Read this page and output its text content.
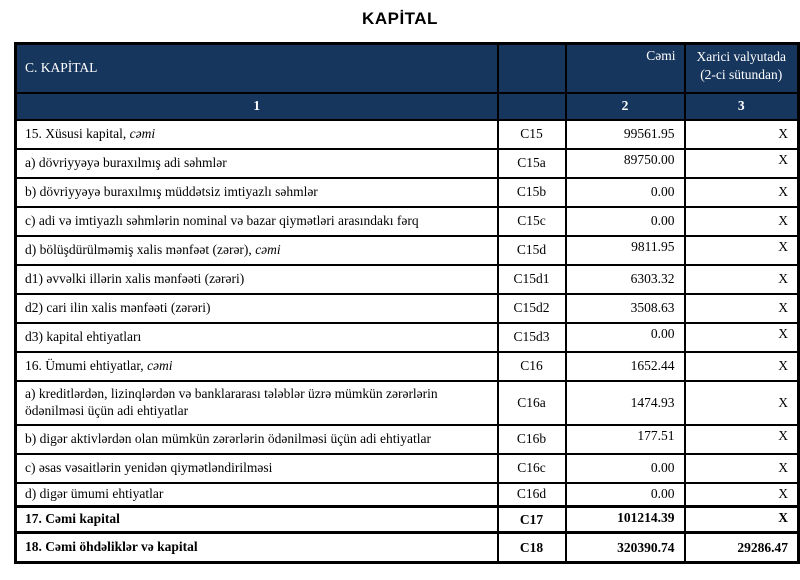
KAPİTAL
C. KAPİTAL		Cəmi	Xarici valyutada
(2-ci sütundan)

1		2	3
15. Xüsusi kapital, cəmi	C15	99561.95	X
a) dövriyyəyə buraxılmış adi səhmlər	C15a	89750.00	X
b) dövriyyəyə buraxılmış müddətsiz imtiyazlı səhmlər	C15b	0.00	X
c) adi və imtiyazlı səhmlərin nominal və bazar qiymətləri arasındakı fərq	C15c	0.00	X
d) bölüşdürülməmiş xalis mənfəət (zərər), cəmi	C15d	9811.95	X
d1) əvvəlki illərin xalis mənfəəti (zərəri)	C15d1	6303.32	X
d2) cari ilin xalis mənfəəti (zərəri)	C15d2	3508.63	X
d3) kapital ehtiyatları	C15d3	0.00	X
16. Ümumi ehtiyatlar, cəmi	C16	1652.44	X
a) kreditlərdən, lizinqlərdən və banklararası tələblər üzrə mümkün zərərlərin ödənilməsi üçün adi ehtiyatlar	C16a	1474.93	X
b) digər aktivlərdən olan mümkün zərərlərin ödənilməsi üçün adi ehtiyatlar	C16b	177.51	X
c) əsas vəsaitlərin yenidən qiymətləndirilməsi	C16c	0.00	X
d) digər ümumi ehtiyatlar	C16d	0.00	X
17. Cəmi kapital	C17	101214.39	X
18. Cəmi öhdəliklər və kapital	C18	320390.74	29286.47
